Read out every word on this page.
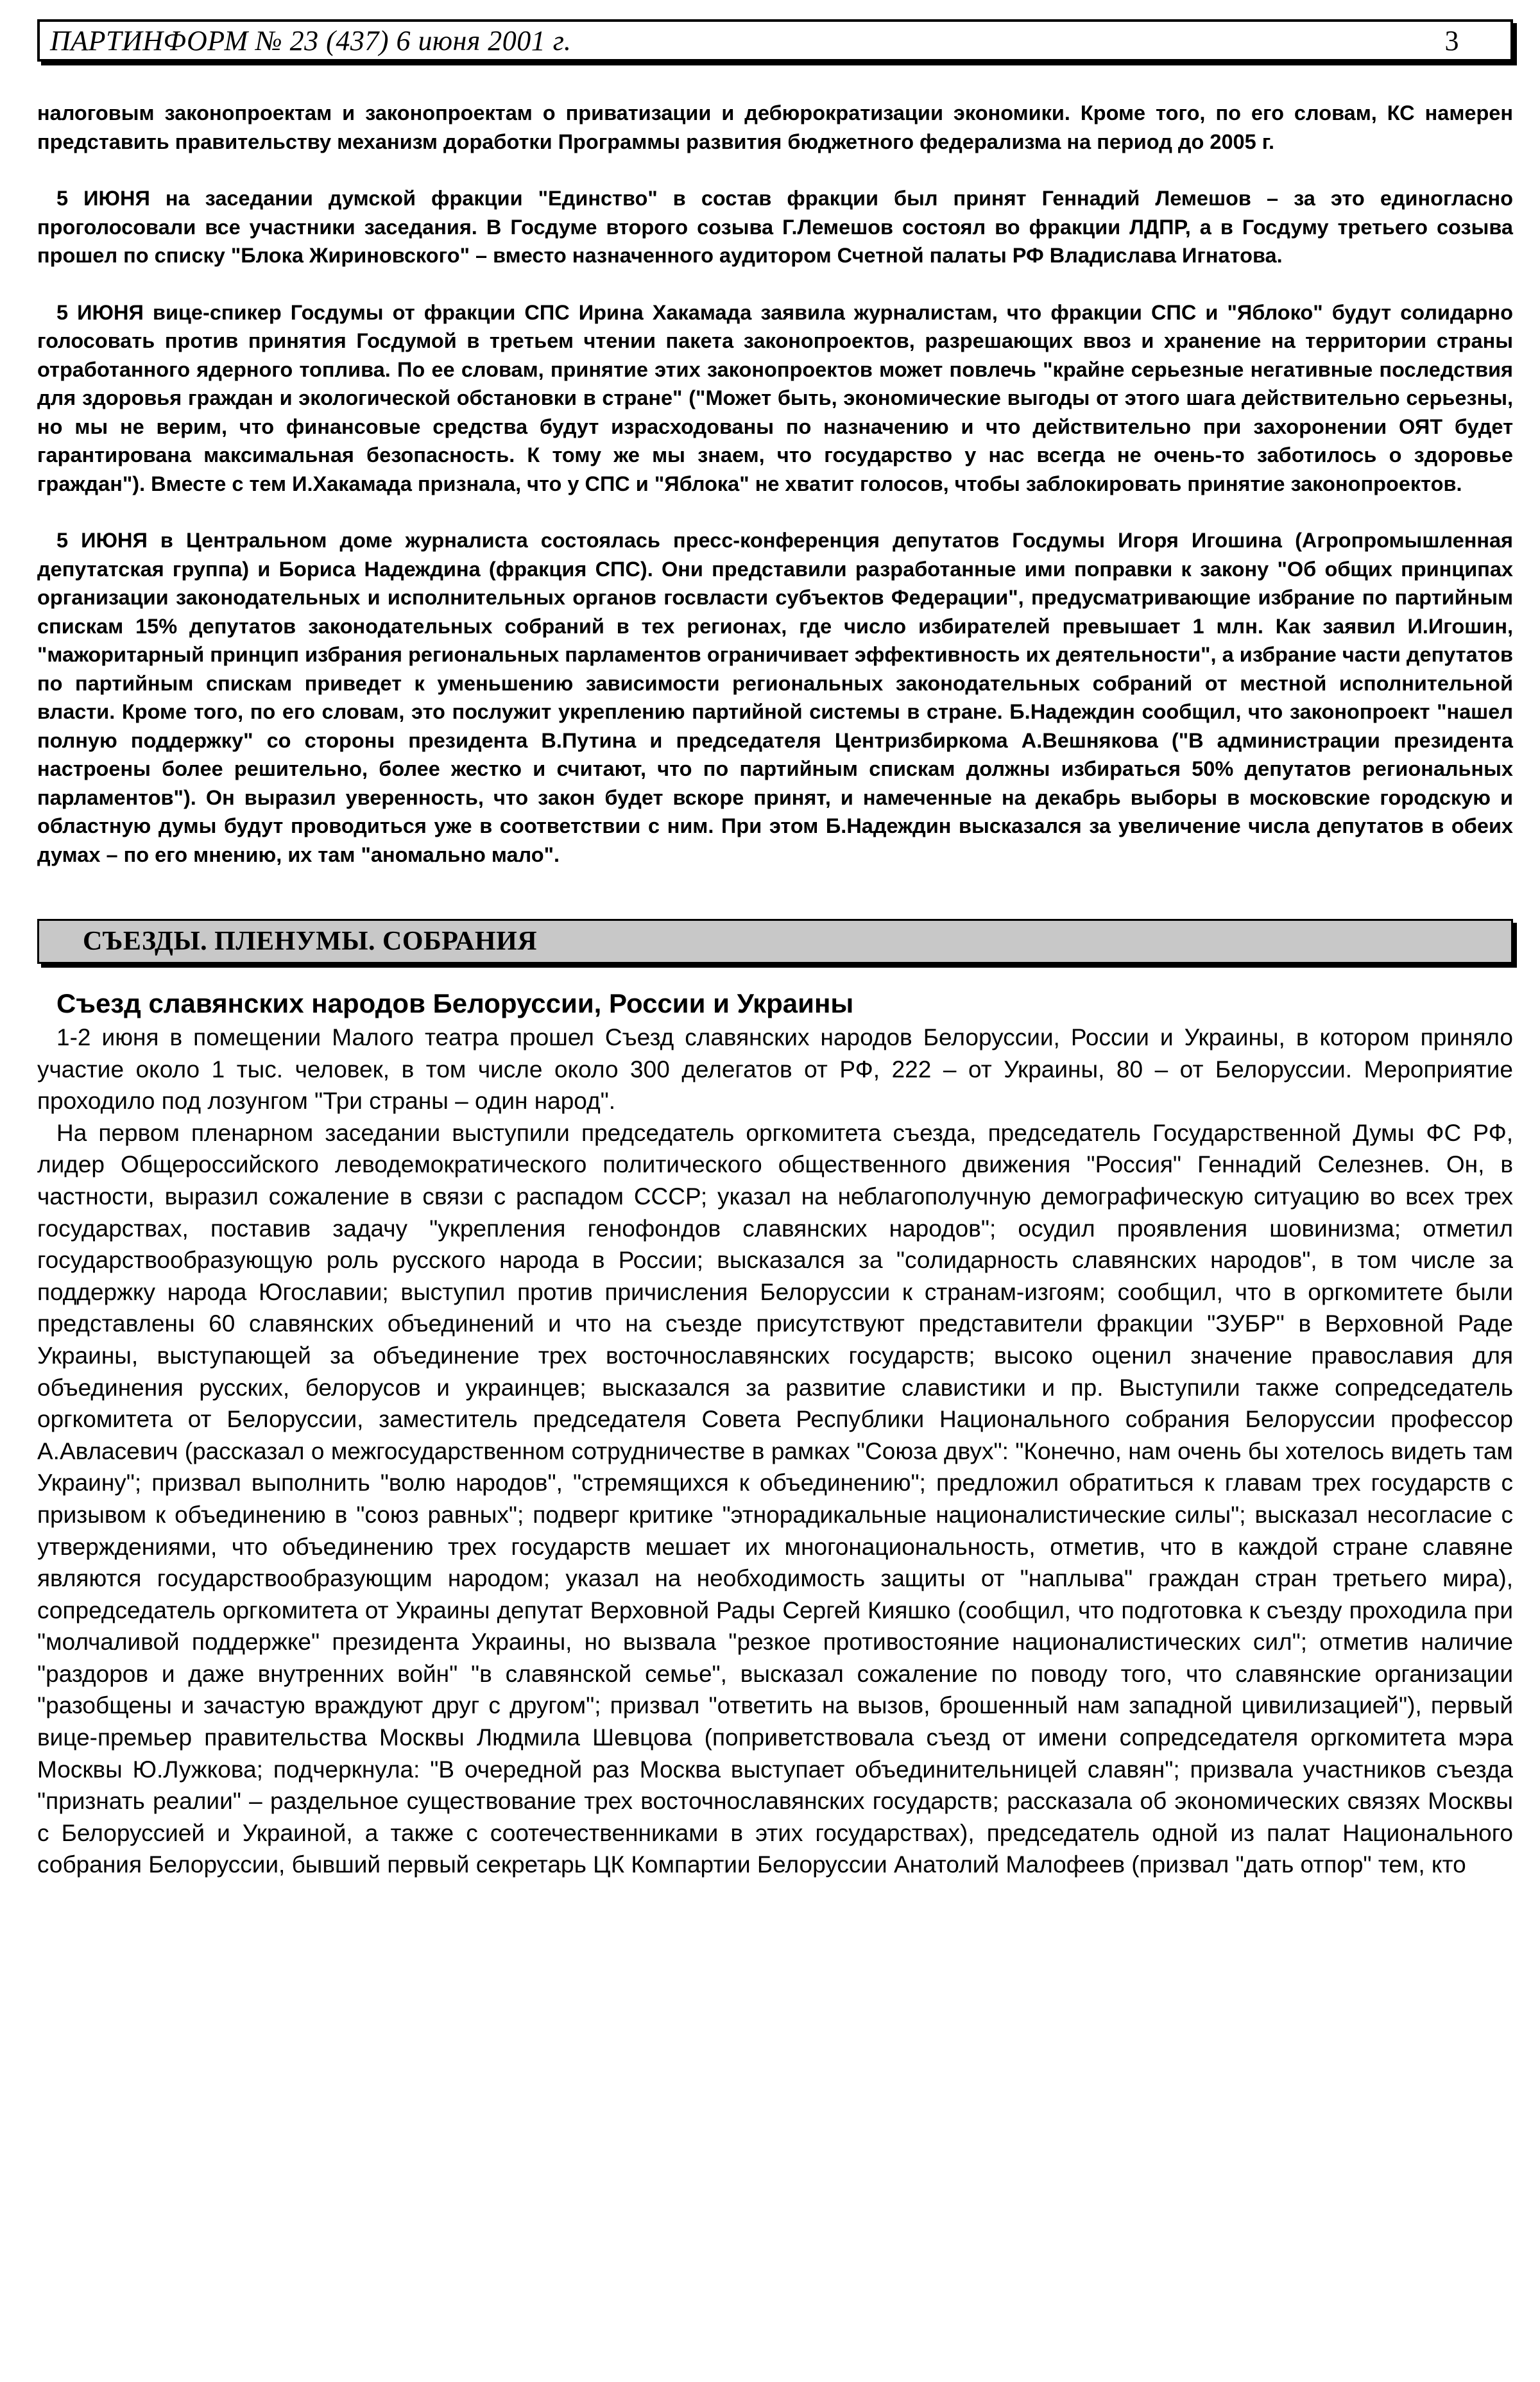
ПАРТИНФОРМ № 23 (437) 6 июня 2001 г.	3

налоговым законопроектам и законопроектам о приватизации и дебюрократизации экономики. Кроме того, по его словам, КС намерен представить правительству механизм доработки Программы развития бюджетного федерализма на период до 2005 г.

5 ИЮНЯ на заседании думской фракции "Единство" в состав фракции был принят Геннадий Лемешов – за это единогласно проголосовали все участники заседания. В Госдуме второго созыва Г.Лемешов состоял во фракции ЛДПР, а в Госдуму третьего созыва прошел по списку "Блока Жириновского" – вместо назначенного аудитором Счетной палаты РФ Владислава Игнатова.

5 ИЮНЯ вице-спикер Госдумы от фракции СПС Ирина Хакамада заявила журналистам, что фракции СПС и "Яблоко" будут солидарно голосовать против принятия Госдумой в третьем чтении пакета законопроектов, разрешающих ввоз и хранение на территории страны отработанного ядерного топлива. По ее словам, принятие этих законопроектов может повлечь "крайне серьезные негативные последствия для здоровья граждан и экологической обстановки в стране" ("Может быть, экономические выгоды от этого шага действительно серьезны, но мы не верим, что финансовые средства будут израсходованы по назначению и что действительно при захоронении ОЯТ будет гарантирована максимальная безопасность. К тому же мы знаем, что государство у нас всегда не очень-то заботилось о здоровье граждан"). Вместе с тем И.Хакамада признала, что у СПС и "Яблока" не хватит голосов, чтобы заблокировать принятие законопроектов.

5 ИЮНЯ в Центральном доме журналиста состоялась пресс-конференция депутатов Госдумы Игоря Игошина (Агропромышленная депутатская группа) и Бориса Надеждина (фракция СПС). Они представили разработанные ими поправки к закону "Об общих принципах организации законодательных и исполнительных органов госвласти субъектов Федерации", предусматривающие избрание по партийным спискам 15% депутатов законодательных собраний в тех регионах, где число избирателей превышает 1 млн. Как заявил И.Игошин, "мажоритарный принцип избрания региональных парламентов ограничивает эффективность их деятельности", а избрание части депутатов по партийным спискам приведет к уменьшению зависимости региональных законодательных собраний от местной исполнительной власти. Кроме того, по его словам, это послужит укреплению партийной системы в стране. Б.Надеждин сообщил, что законопроект "нашел полную поддержку" со стороны президента В.Путина и председателя Центризбиркома А.Вешнякова ("В администрации президента настроены более решительно, более жестко и считают, что по партийным спискам должны избираться 50% депутатов региональных парламентов"). Он выразил уверенность, что закон будет вскоре принят, и намеченные на декабрь выборы в московские городскую и областную думы будут проводиться уже в соответствии с ним. При этом Б.Надеждин высказался за увеличение числа депутатов в обеих думах – по его мнению, их там "аномально мало".

СЪЕЗДЫ. ПЛЕНУМЫ. СОБРАНИЯ
Съезд славянских народов Белоруссии, России и Украины

1-2 июня в помещении Малого театра прошел Съезд славянских народов Белоруссии, России и Украины, в котором приняло участие около 1 тыс. человек, в том числе около 300 делегатов от РФ, 222 – от Украины, 80 – от Белоруссии. Мероприятие проходило под лозунгом "Три страны – один народ".

На первом пленарном заседании выступили председатель оргкомитета съезда, председатель Государственной Думы ФС РФ, лидер Общероссийского леводемократического политического общественного движения "Россия" Геннадий Селезнев. Он, в частности, выразил сожаление в связи с распадом СССР; указал на неблагополучную демографическую ситуацию во всех трех государствах, поставив задачу "укрепления генофондов славянских народов"; осудил проявления шовинизма; отметил государствообразующую роль русского народа в России; высказался за "солидарность славянских народов", в том числе за поддержку народа Югославии; выступил против причисления Белоруссии к странам-изгоям; сообщил, что в оргкомитете были представлены 60 славянских объединений и что на съезде присутствуют представители фракции "ЗУБР" в Верховной Раде Украины, выступающей за объединение трех восточнославянских государств; высоко оценил значение православия для объединения русских, белорусов и украинцев; высказался за развитие славистики и пр. Выступили также сопредседатель оргкомитета от Белоруссии, заместитель председателя Совета Республики Национального собрания Белоруссии профессор А.Авласевич (рассказал о межгосударственном сотрудничестве в рамках "Союза двух": "Конечно, нам очень бы хотелось видеть там Украину"; призвал выполнить "волю народов", "стремящихся к объединению"; предложил обратиться к главам трех государств с призывом к объединению в "союз равных"; подверг критике "этнорадикальные националистические силы"; высказал несогласие с утверждениями, что объединению трех государств мешает их многонациональность, отметив, что в каждой стране славяне являются государствообразующим народом; указал на необходимость защиты от "наплыва" граждан стран третьего мира), сопредседатель оргкомитета от Украины депутат Верховной Рады Сергей Кияшко (сообщил, что подготовка к съезду проходила при "молчаливой поддержке" президента Украины, но вызвала "резкое противостояние националистических сил"; отметив наличие "раздоров и даже внутренних войн" "в славянской семье", высказал сожаление по поводу того, что славянские организации "разобщены и зачастую враждуют друг с другом"; призвал "ответить на вызов, брошенный нам западной цивилизацией"), первый вице-премьер правительства Москвы Людмила Шевцова (поприветствовала съезд от имени сопредседателя оргкомитета мэра Москвы Ю.Лужкова; подчеркнула: "В очередной раз Москва выступает объединительницей славян"; призвала участников съезда "признать реалии" – раздельное существование трех восточнославянских государств; рассказала об экономических связях Москвы с Белоруссией и Украиной, а также с соотечественниками в этих государствах), председатель одной из палат Национального собрания Белоруссии, бывший первый секретарь ЦК Компартии Белоруссии Анатолий Малофеев (призвал "дать отпор" тем, кто
